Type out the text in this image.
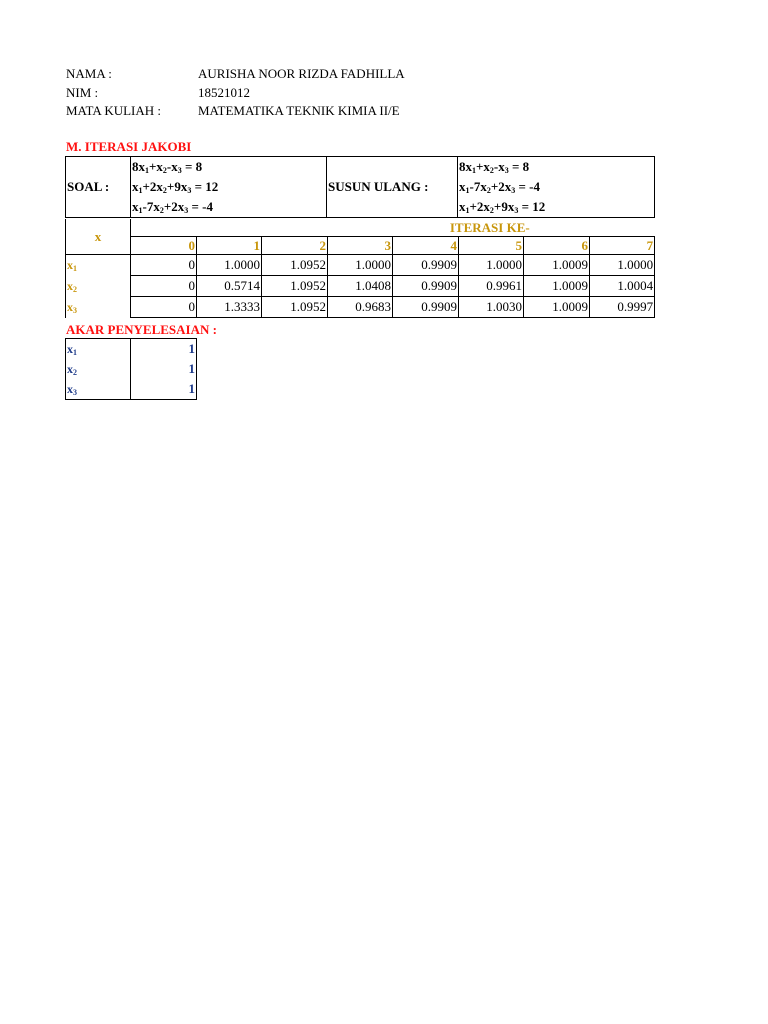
NAMA :	AURISHA NOOR RIZDA FADHILLA
NIM :	18521012
MATA KULIAH :	MATEMATIKA TEKNIK KIMIA II/E
M. ITERASI JAKOBI
SOAL :	$8x_1+x_2-x_3 = 8$	SUSUN ULANG :	$8x_1+x_2-x_3 = 8$
	$x_1+2x_2+9x_3 = 12$		$x_1-7x_2+2x_3 = -4$
	$x_1-7x_2+2x_3 = -4$		$x_1+2x_2+9x_3 = 12$
x	ITERASI KE-							
	0	1	2	3	4	5	6	7
$x_1$	0	1.0000	1.0952	1.0000	0.9909	1.0000	1.0009	1.0000
$x_2$	0	0.5714	1.0952	1.0408	0.9909	0.9961	1.0009	1.0004
$x_3$	0	1.3333	1.0952	0.9683	0.9909	1.0030	1.0009	0.9997
AKAR PENYELESAIAN :
$x_1$	1
$x_2$	1
$x_3$	1
